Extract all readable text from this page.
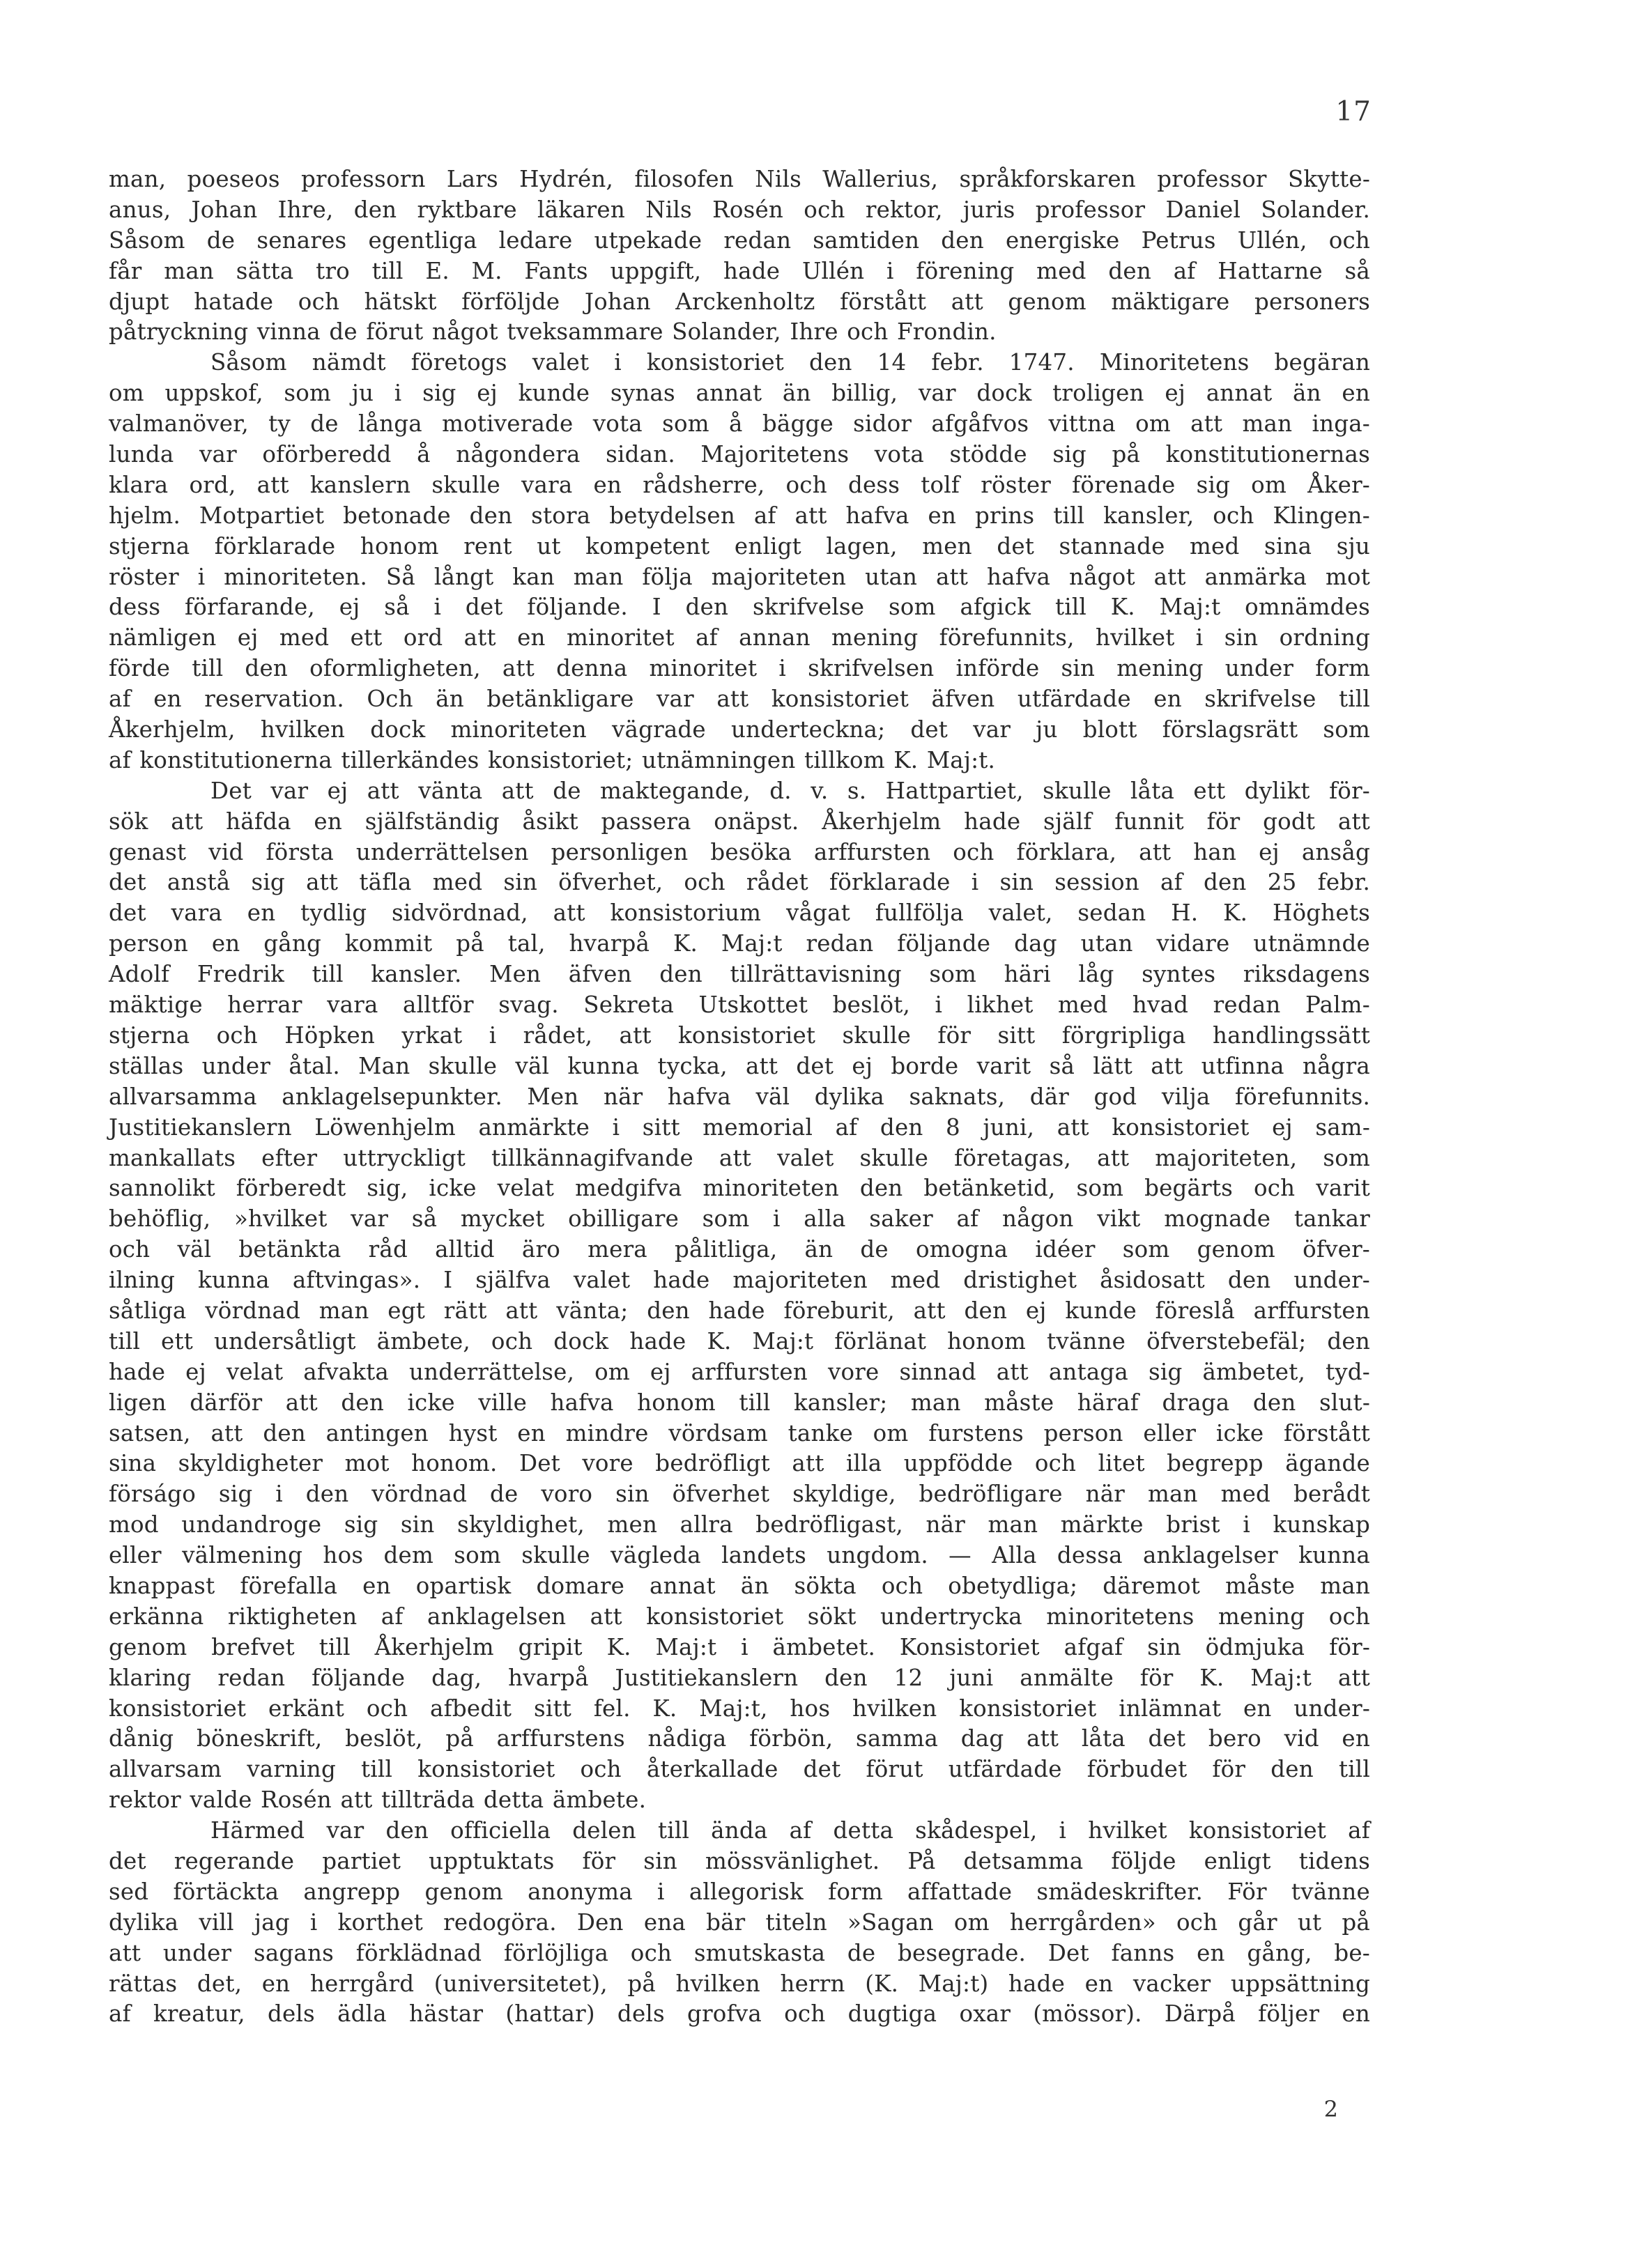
17
man, poeseos professorn Lars Hydrén, filosofen Nils Wallerius, språkforskaren professor Skytte-
anus, Johan Ihre, den ryktbare läkaren Nils Rosén och rektor, juris professor Daniel Solander.
Såsom de senares egentliga ledare utpekade redan samtiden den energiske Petrus Ullén, och
får man sätta tro till E. M. Fants uppgift, hade Ullén i förening med den af Hattarne så
djupt hatade och hätskt förföljde Johan Arckenholtz förstått att genom mäktigare personers
påtryckning vinna de förut något tveksammare Solander, Ihre och Frondin.
Såsom nämdt företogs valet i konsistoriet den 14 febr. 1747. Minoritetens begäran
om uppskof, som ju i sig ej kunde synas annat än billig, var dock troligen ej annat än en
valmanöver, ty de långa motiverade vota som å bägge sidor afgåfvos vittna om att man inga-
lunda var oförberedd å någondera sidan. Majoritetens vota stödde sig på konstitutionernas
klara ord, att kanslern skulle vara en rådsherre, och dess tolf röster förenade sig om Åker-
hjelm. Motpartiet betonade den stora betydelsen af att hafva en prins till kansler, och Klingen-
stjerna förklarade honom rent ut kompetent enligt lagen, men det stannade med sina sju
röster i minoriteten. Så långt kan man följa majoriteten utan att hafva något att anmärka mot
dess förfarande, ej så i det följande. I den skrifvelse som afgick till K. Maj:t omnämdes
nämligen ej med ett ord att en minoritet af annan mening förefunnits, hvilket i sin ordning
förde till den oformligheten, att denna minoritet i skrifvelsen införde sin mening under form
af en reservation. Och än betänkligare var att konsistoriet äfven utfärdade en skrifvelse till
Åkerhjelm, hvilken dock minoriteten vägrade underteckna; det var ju blott förslagsrätt som
af konstitutionerna tillerkändes konsistoriet; utnämningen tillkom K. Maj:t.
Det var ej att vänta att de maktegande, d. v. s. Hattpartiet, skulle låta ett dylikt för-
sök att häfda en själfständig åsikt passera onäpst. Åkerhjelm hade själf funnit för godt att
genast vid första underrättelsen personligen besöka arffursten och förklara, att han ej ansåg
det anstå sig att täfla med sin öfverhet, och rådet förklarade i sin session af den 25 febr.
det vara en tydlig sidvördnad, att konsistorium vågat fullfölja valet, sedan H. K. Höghets
person en gång kommit på tal, hvarpå K. Maj:t redan följande dag utan vidare utnämnde
Adolf Fredrik till kansler. Men äfven den tillrättavisning som häri låg syntes riksdagens
mäktige herrar vara alltför svag. Sekreta Utskottet beslöt, i likhet med hvad redan Palm-
stjerna och Höpken yrkat i rådet, att konsistoriet skulle för sitt förgripliga handlingssätt
ställas under åtal. Man skulle väl kunna tycka, att det ej borde varit så lätt att utfinna några
allvarsamma anklagelsepunkter. Men när hafva väl dylika saknats, där god vilja förefunnits.
Justitiekanslern Löwenhjelm anmärkte i sitt memorial af den 8 juni, att konsistoriet ej sam-
mankallats efter uttryckligt tillkännagifvande att valet skulle företagas, att majoriteten, som
sannolikt förberedt sig, icke velat medgifva minoriteten den betänketid, som begärts och varit
behöflig, »hvilket var så mycket obilligare som i alla saker af någon vikt mognade tankar
och väl betänkta råd alltid äro mera pålitliga, än de omogna idéer som genom öfver-
ilning kunna aftvingas». I själfva valet hade majoriteten med dristighet åsidosatt den under-
såtliga vördnad man egt rätt att vänta; den hade föreburit, att den ej kunde föreslå arffursten
till ett undersåtligt ämbete, och dock hade K. Maj:t förlänat honom tvänne öfverstebefäl; den
hade ej velat afvakta underrättelse, om ej arffursten vore sinnad att antaga sig ämbetet, tyd-
ligen därför att den icke ville hafva honom till kansler; man måste häraf draga den slut-
satsen, att den antingen hyst en mindre vördsam tanke om furstens person eller icke förstått
sina skyldigheter mot honom. Det vore bedröfligt att illa uppfödde och litet begrepp ägande
förságo sig i den vördnad de voro sin öfverhet skyldige, bedröfligare när man med berådt
mod undandroge sig sin skyldighet, men allra bedröfligast, när man märkte brist i kunskap
eller välmening hos dem som skulle vägleda landets ungdom. — Alla dessa anklagelser kunna
knappast förefalla en opartisk domare annat än sökta och obetydliga; däremot måste man
erkänna riktigheten af anklagelsen att konsistoriet sökt undertrycka minoritetens mening och
genom brefvet till Åkerhjelm gripit K. Maj:t i ämbetet. Konsistoriet afgaf sin ödmjuka för-
klaring redan följande dag, hvarpå Justitiekanslern den 12 juni anmälte för K. Maj:t att
konsistoriet erkänt och afbedit sitt fel. K. Maj:t, hos hvilken konsistoriet inlämnat en under-
dånig böneskrift, beslöt, på arffurstens nådiga förbön, samma dag att låta det bero vid en
allvarsam varning till konsistoriet och återkallade det förut utfärdade förbudet för den till
rektor valde Rosén att tillträda detta ämbete.
Härmed var den officiella delen till ända af detta skådespel, i hvilket konsistoriet af
det regerande partiet upptuktats för sin mössvänlighet. På detsamma följde enligt tidens
sed förtäckta angrepp genom anonyma i allegorisk form affattade smädeskrifter. För tvänne
dylika vill jag i korthet redogöra. Den ena bär titeln »Sagan om herrgården» och går ut på
att under sagans förklädnad förlöjliga och smutskasta de besegrade. Det fanns en gång, be-
rättas det, en herrgård (universitetet), på hvilken herrn (K. Maj:t) hade en vacker uppsättning
af kreatur, dels ädla hästar (hattar) dels grofva och dugtiga oxar (mössor). Därpå följer en
2
